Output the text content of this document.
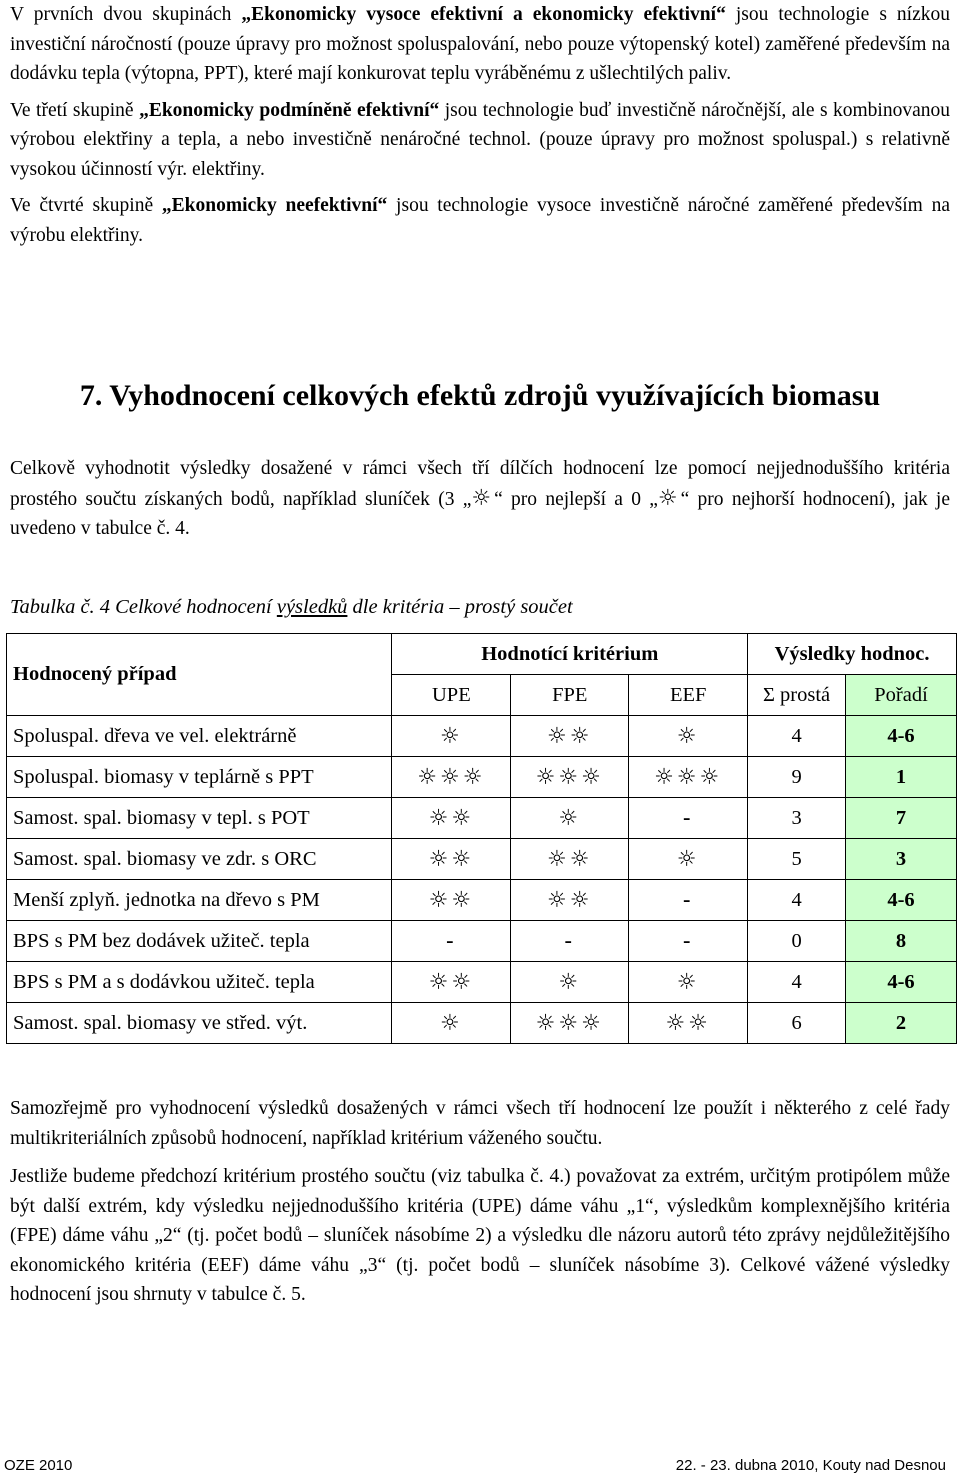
V prvních dvou skupinách „Ekonomicky vysoce efektivní a ekonomicky efektivní“ jsou technologie s nízkou investiční náročností (pouze úpravy pro možnost spoluspalování, nebo pouze výtopenský kotel) zaměřené především na dodávku tepla (výtopna, PPT), které mají konkurovat teplu vyráběnému z ušlechtilých paliv.

Ve třetí skupině „Ekonomicky podmíněně efektivní“ jsou technologie buď investičně náročnější, ale s kombinovanou výrobou elektřiny a tepla, a nebo investičně nenáročné technol. (pouze úpravy pro možnost spoluspal.) s relativně vysokou účinností výr. elektřiny.

Ve čtvrté skupině „Ekonomicky neefektivní“ jsou technologie vysoce investičně náročné zaměřené především na výrobu elektřiny.

7. Vyhodnocení celkových efektů zdrojů využívajících biomasu

Celkově vyhodnotit výsledky dosažené v rámci všech tří dílčích hodnocení lze pomocí nejjednoduššího kritéria prostého součtu získaných bodů, například sluníček (3 „☼“ pro nejlepší a 0 „☼“ pro nejhorší hodnocení), jak je uvedeno v tabulce č. 4.

Tabulka č. 4 Celkové hodnocení výsledků dle kritéria – prostý součet
Hodnocený případ	Hodnotící kritérium			Výsledky hodnoc.	
	UPE	FPE	EEF	Σ prostá	Pořadí
Spoluspal. dřeva ve vel. elektrárně	☼	☼☼	☼	4	4-6
Spoluspal. biomasy v teplárně s PPT	☼☼☼	☼☼☼	☼☼☼	9	1
Samost. spal. biomasy v tepl. s POT	☼☼	☼	-	3	7
Samost. spal. biomasy ve zdr. s ORC	☼☼	☼☼	☼	5	3
Menší zplyň. jednotka na dřevo s PM	☼☼	☼☼	-	4	4-6
BPS s PM bez dodávek užiteč. tepla	-	-	-	0	8
BPS s PM a s dodávkou užiteč. tepla	☼☼	☼	☼	4	4-6
Samost. spal. biomasy ve střed. výt.	☼	☼☼☼	☼☼	6	2

Samozřejmě pro vyhodnocení výsledků dosažených v rámci všech tří hodnocení lze použít i některého z celé řady multikriteriálních způsobů hodnocení, například kritérium váženého součtu.

Jestliže budeme předchozí kritérium prostého součtu (viz tabulka č. 4.) považovat za extrém, určitým protipólem může být další extrém, kdy výsledku nejjednoduššího kritéria (UPE) dáme váhu „1“, výsledkům komplexnějšího kritéria (FPE) dáme váhu „2“ (tj. počet bodů – sluníček násobíme 2) a výsledku dle názoru autorů této zprávy nejdůležitějšího ekonomického kritéria (EEF) dáme váhu „3“ (tj. počet bodů – sluníček násobíme 3). Celkové vážené výsledky hodnocení jsou shrnuty v tabulce č. 5.

OZE 2010	22. - 23. dubna 2010, Kouty nad Desnou
